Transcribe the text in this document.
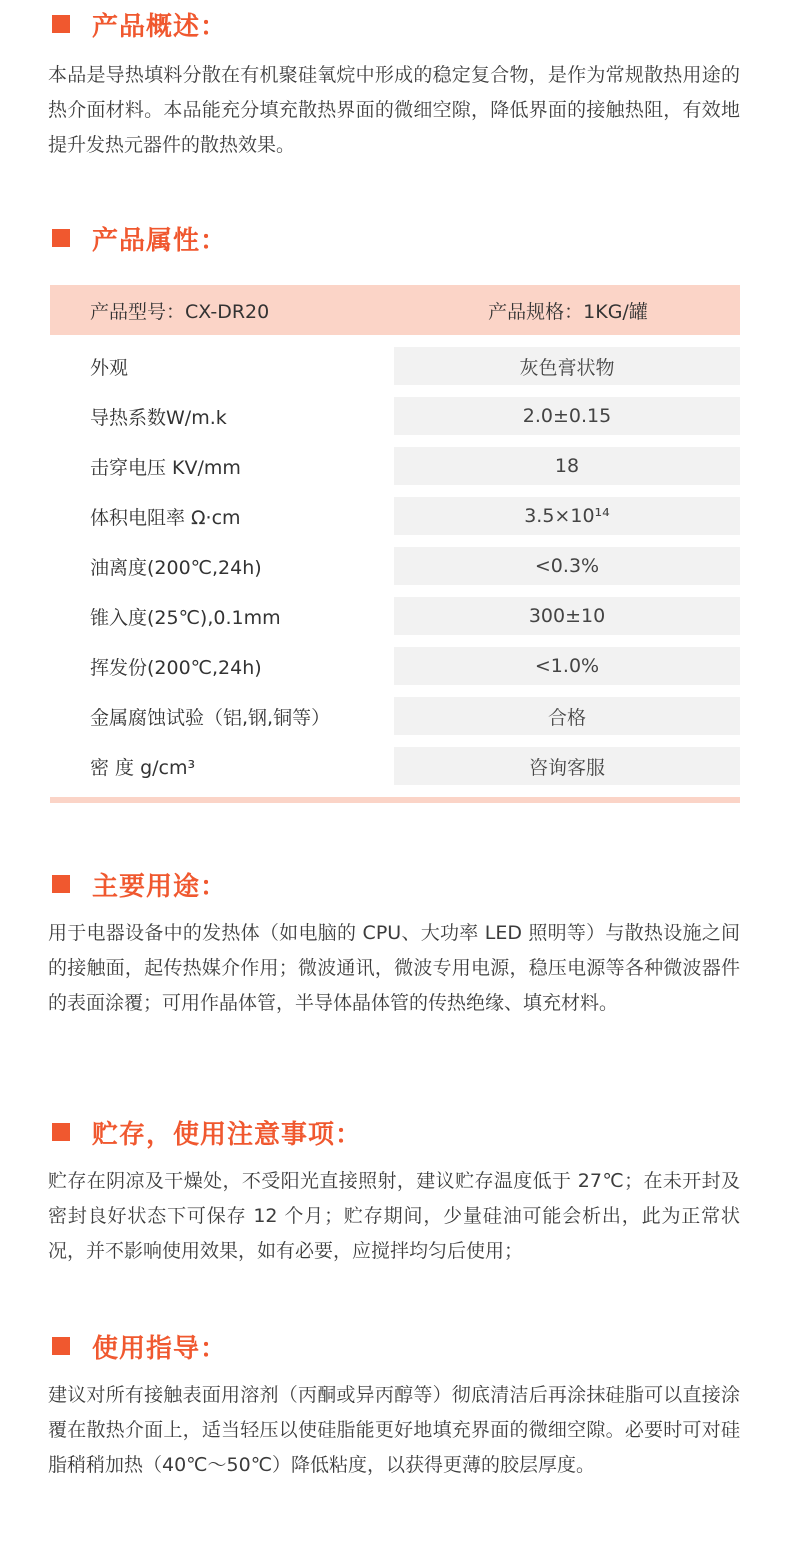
产品概述：

本品是导热填料分散在有机聚硅氧烷中形成的稳定复合物，是作为常规散热用途的热介面材料。本品能充分填充散热界面的微细空隙，降低界面的接触热阻，有效地提升发热元器件的散热效果。

产品属性：
产品型号：CX-DR20	产品规格：1KG/罐
外观	灰色膏状物
导热系数W/m.k	2.0±0.15
击穿电压 KV/mm	18
体积电阻率 Ω·cm	3.5×10¹⁴
油离度(200℃,24h)	<0.3%
锥入度(25℃),0.1mm	300±10
挥发份(200℃,24h)	<1.0%
金属腐蚀试验（铝,钢,铜等）	合格
密 度 g/cm³	咨询客服
主要用途：

用于电器设备中的发热体（如电脑的 CPU、大功率 LED 照明等）与散热设施之间的接触面，起传热媒介作用；微波通讯，微波专用电源，稳压电源等各种微波器件的表面涂覆；可用作晶体管，半导体晶体管的传热绝缘、填充材料。

贮存，使用注意事项：

贮存在阴凉及干燥处，不受阳光直接照射，建议贮存温度低于 27℃；在未开封及密封良好状态下可保存 12 个月；贮存期间，少量硅油可能会析出，此为正常状况，并不影响使用效果，如有必要，应搅拌均匀后使用；

使用指导：

建议对所有接触表面用溶剂（丙酮或异丙醇等）彻底清洁后再涂抹硅脂可以直接涂覆在散热介面上，适当轻压以使硅脂能更好地填充界面的微细空隙。必要时可对硅脂稍稍加热（40℃～50℃）降低粘度，以获得更薄的胶层厚度。
